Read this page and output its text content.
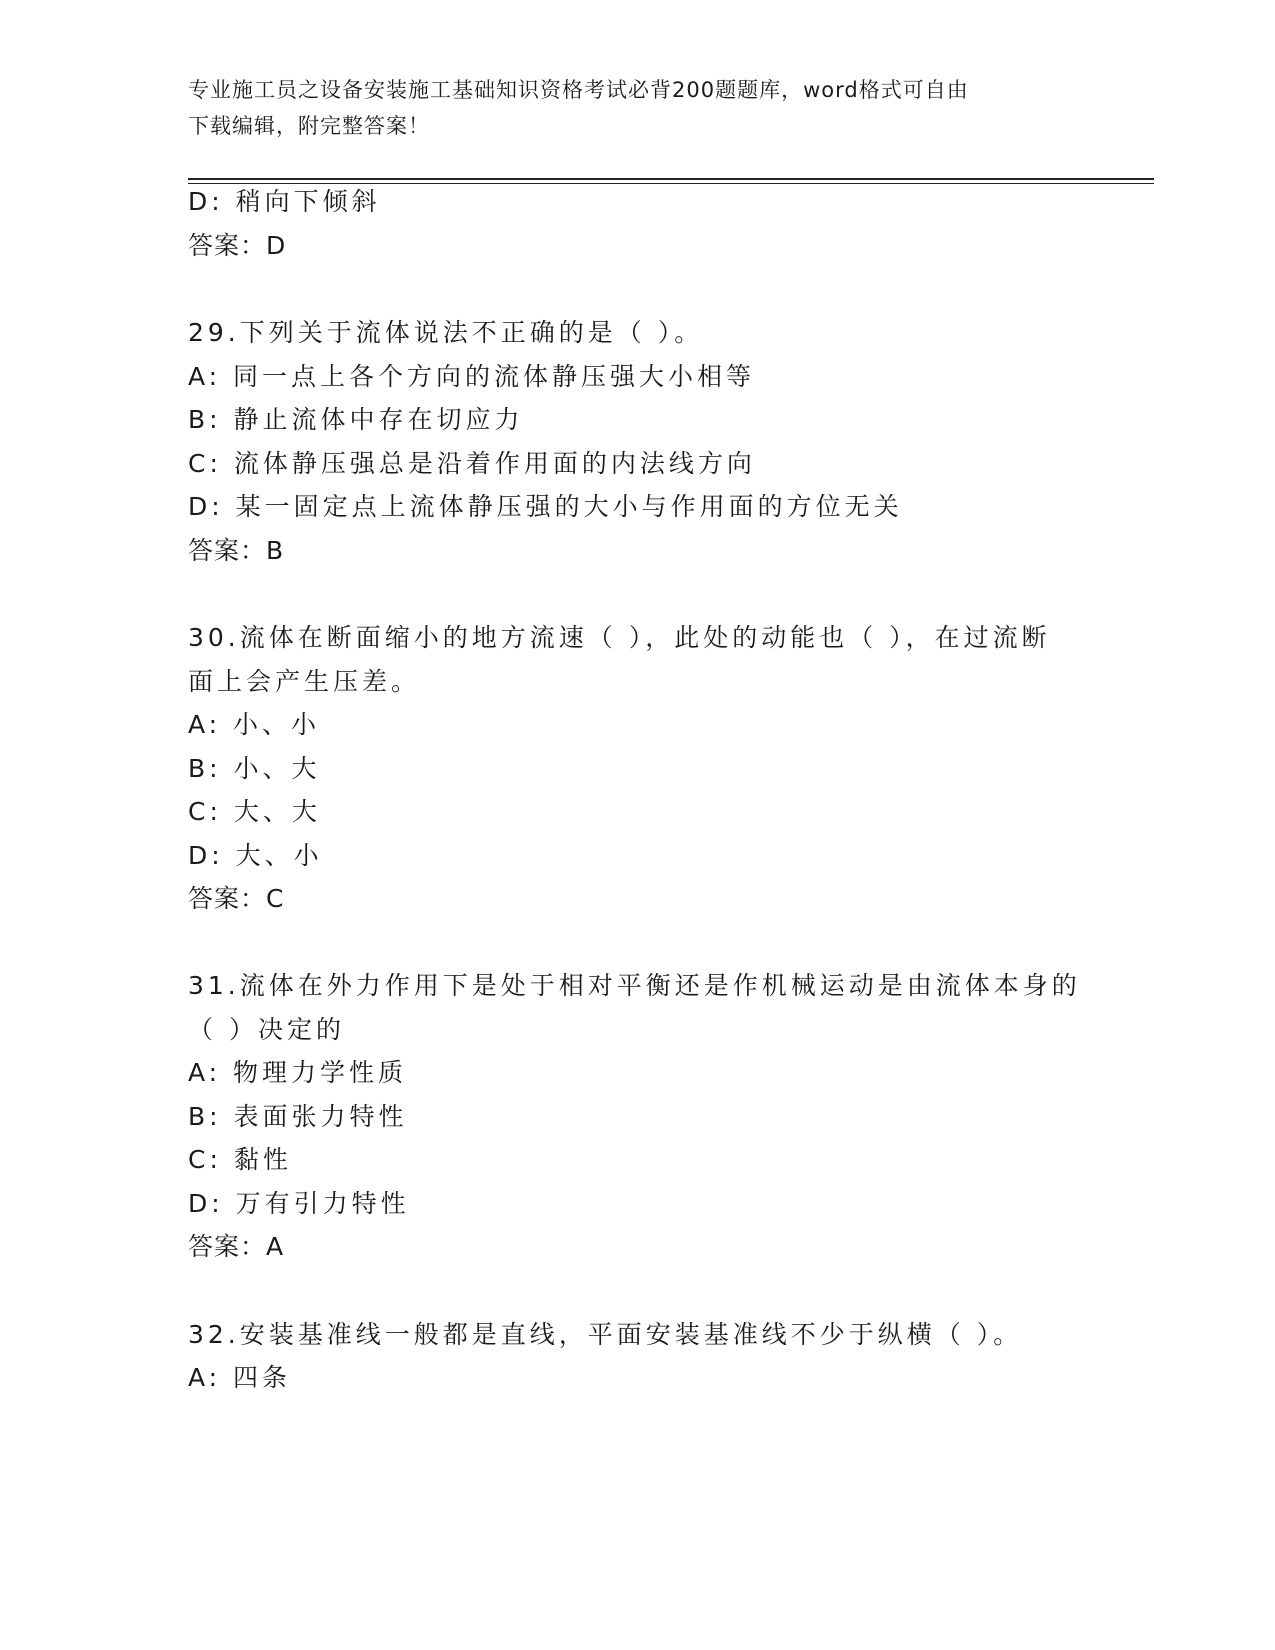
专业施工员之设备安装施工基础知识资格考试必背200题题库，word格式可自由
下载编辑，附完整答案！
D: 稍向下倾斜
答案：D
29.下列关于流体说法不正确的是（ ）。
A: 同一点上各个方向的流体静压强大小相等
B: 静止流体中存在切应力
C: 流体静压强总是沿着作用面的内法线方向
D: 某一固定点上流体静压强的大小与作用面的方位无关
答案：B
30.流体在断面缩小的地方流速（ ），此处的动能也（ ），在过流断
面上会产生压差。
A: 小、小
B: 小、大
C: 大、大
D: 大、小
答案：C
31.流体在外力作用下是处于相对平衡还是作机械运动是由流体本身的
（ ）决定的
A: 物理力学性质
B: 表面张力特性
C: 黏性
D: 万有引力特性
答案：A
32.安装基准线一般都是直线，平面安装基准线不少于纵横（ ）。
A: 四条
